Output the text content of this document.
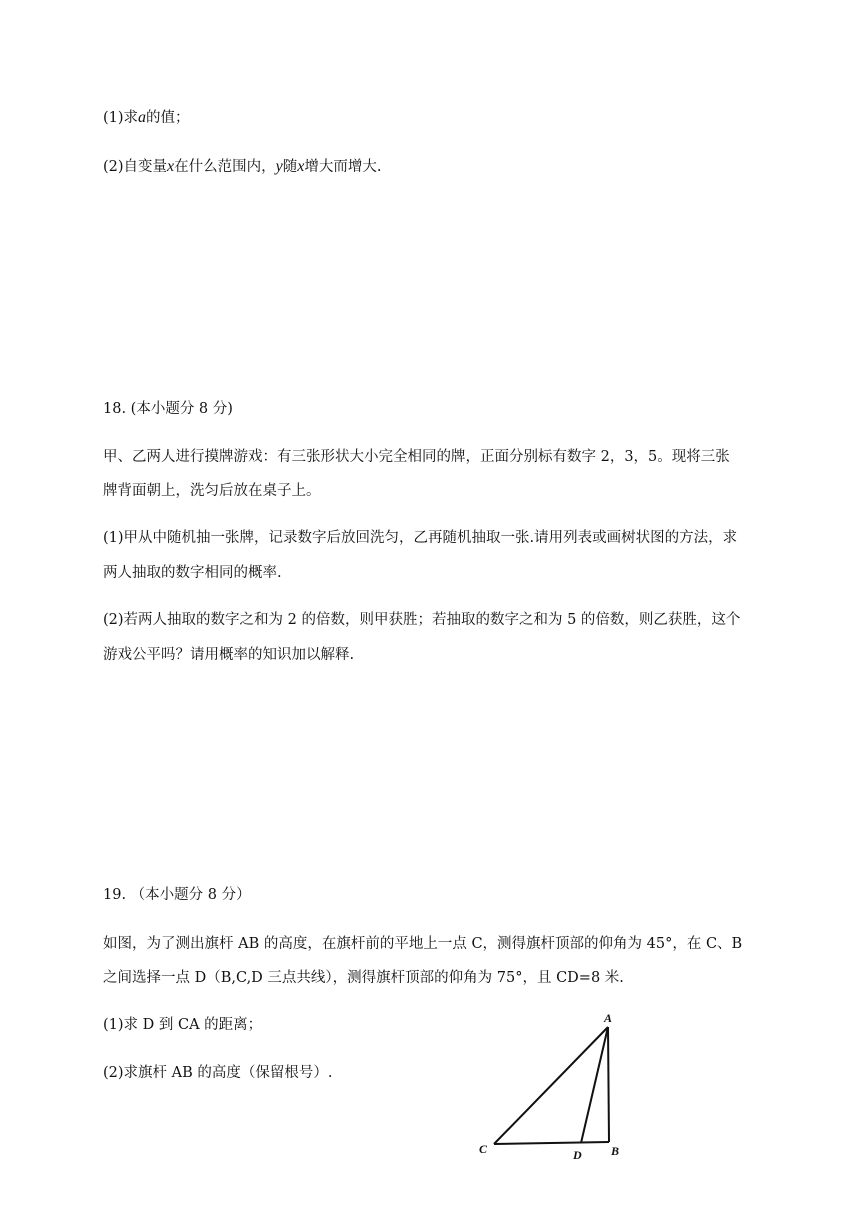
(1)求a的值；
(2)自变量x在什么范围内，y随x增大而增大.
18. (本小题分 8 分)
甲、乙两人进行摸牌游戏：有三张形状大小完全相同的牌，正面分别标有数字 2，3，5。现将三张
牌背面朝上，洗匀后放在桌子上。
(1)甲从中随机抽一张牌，记录数字后放回洗匀，乙再随机抽取一张.请用列表或画树状图的方法，求
两人抽取的数字相同的概率.
(2)若两人抽取的数字之和为 2 的倍数，则甲获胜；若抽取的数字之和为 5 的倍数，则乙获胜，这个
游戏公平吗？请用概率的知识加以解释.
19. （本小题分 8 分）
如图，为了测出旗杆 AB 的高度，在旗杆前的平地上一点 C，测得旗杆顶部的仰角为 45°，在 C、B
之间选择一点 D（B,C,D 三点共线），测得旗杆顶部的仰角为 75°，且 CD=8 米.
(1)求 D 到 CA 的距离；
(2)求旗杆 AB 的高度（保留根号）.
A
C	D B
